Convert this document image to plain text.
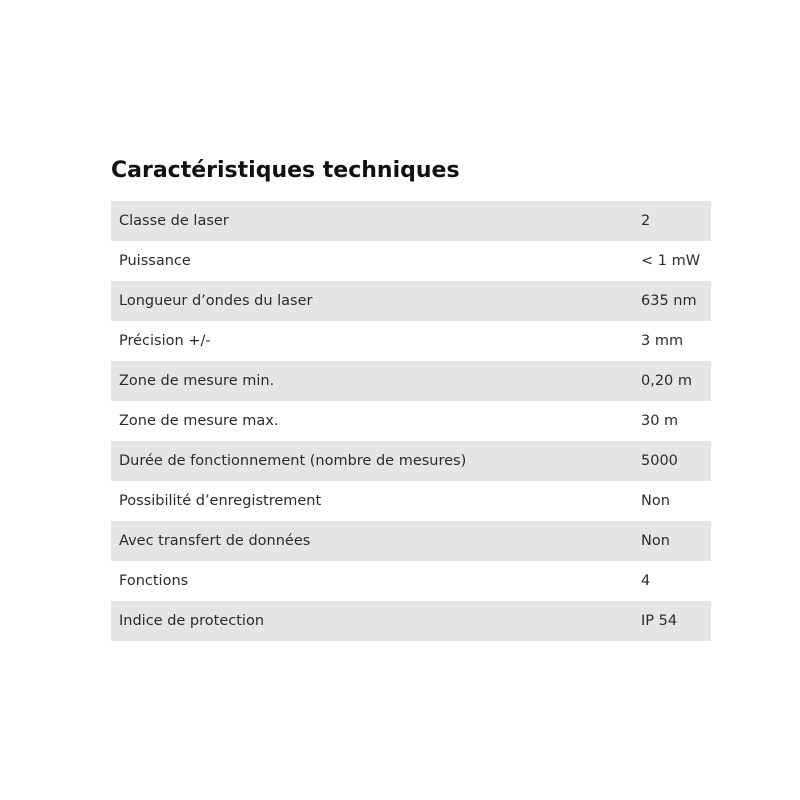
Caractéristiques techniques
Classe de laser	2
Puissance	< 1 mW
Longueur d’ondes du laser	635 nm
Précision +/-	3 mm
Zone de mesure min.	0,20 m
Zone de mesure max.	30 m
Durée de fonctionnement (nombre de mesures)	5000
Possibilité d’enregistrement	Non
Avec transfert de données	Non
Fonctions	4
Indice de protection	IP 54
